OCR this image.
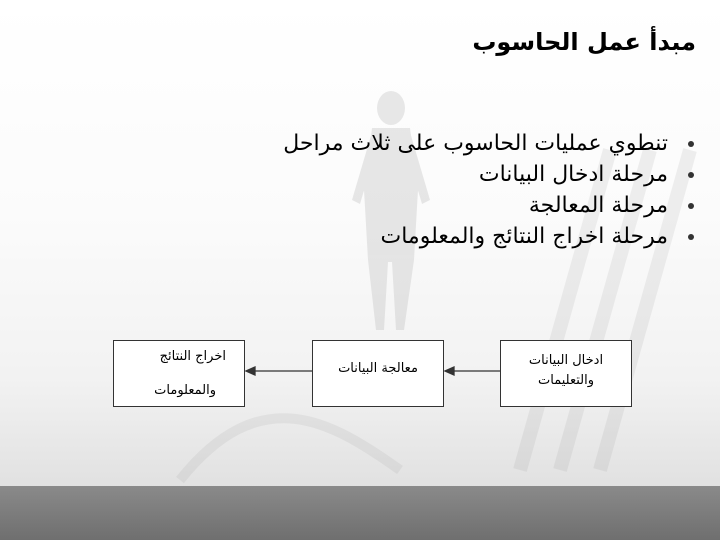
مبدأ عمل الحاسوب
تنطوي عمليات الحاسوب على ثلاث مراحل
مرحلة ادخال البيانات
مرحلة المعالجة
مرحلة اخراج النتائج والمعلومات
ادخال البيانات
والتعليمات
معالجة البيانات
اخراج النتائج
والمعلومات
